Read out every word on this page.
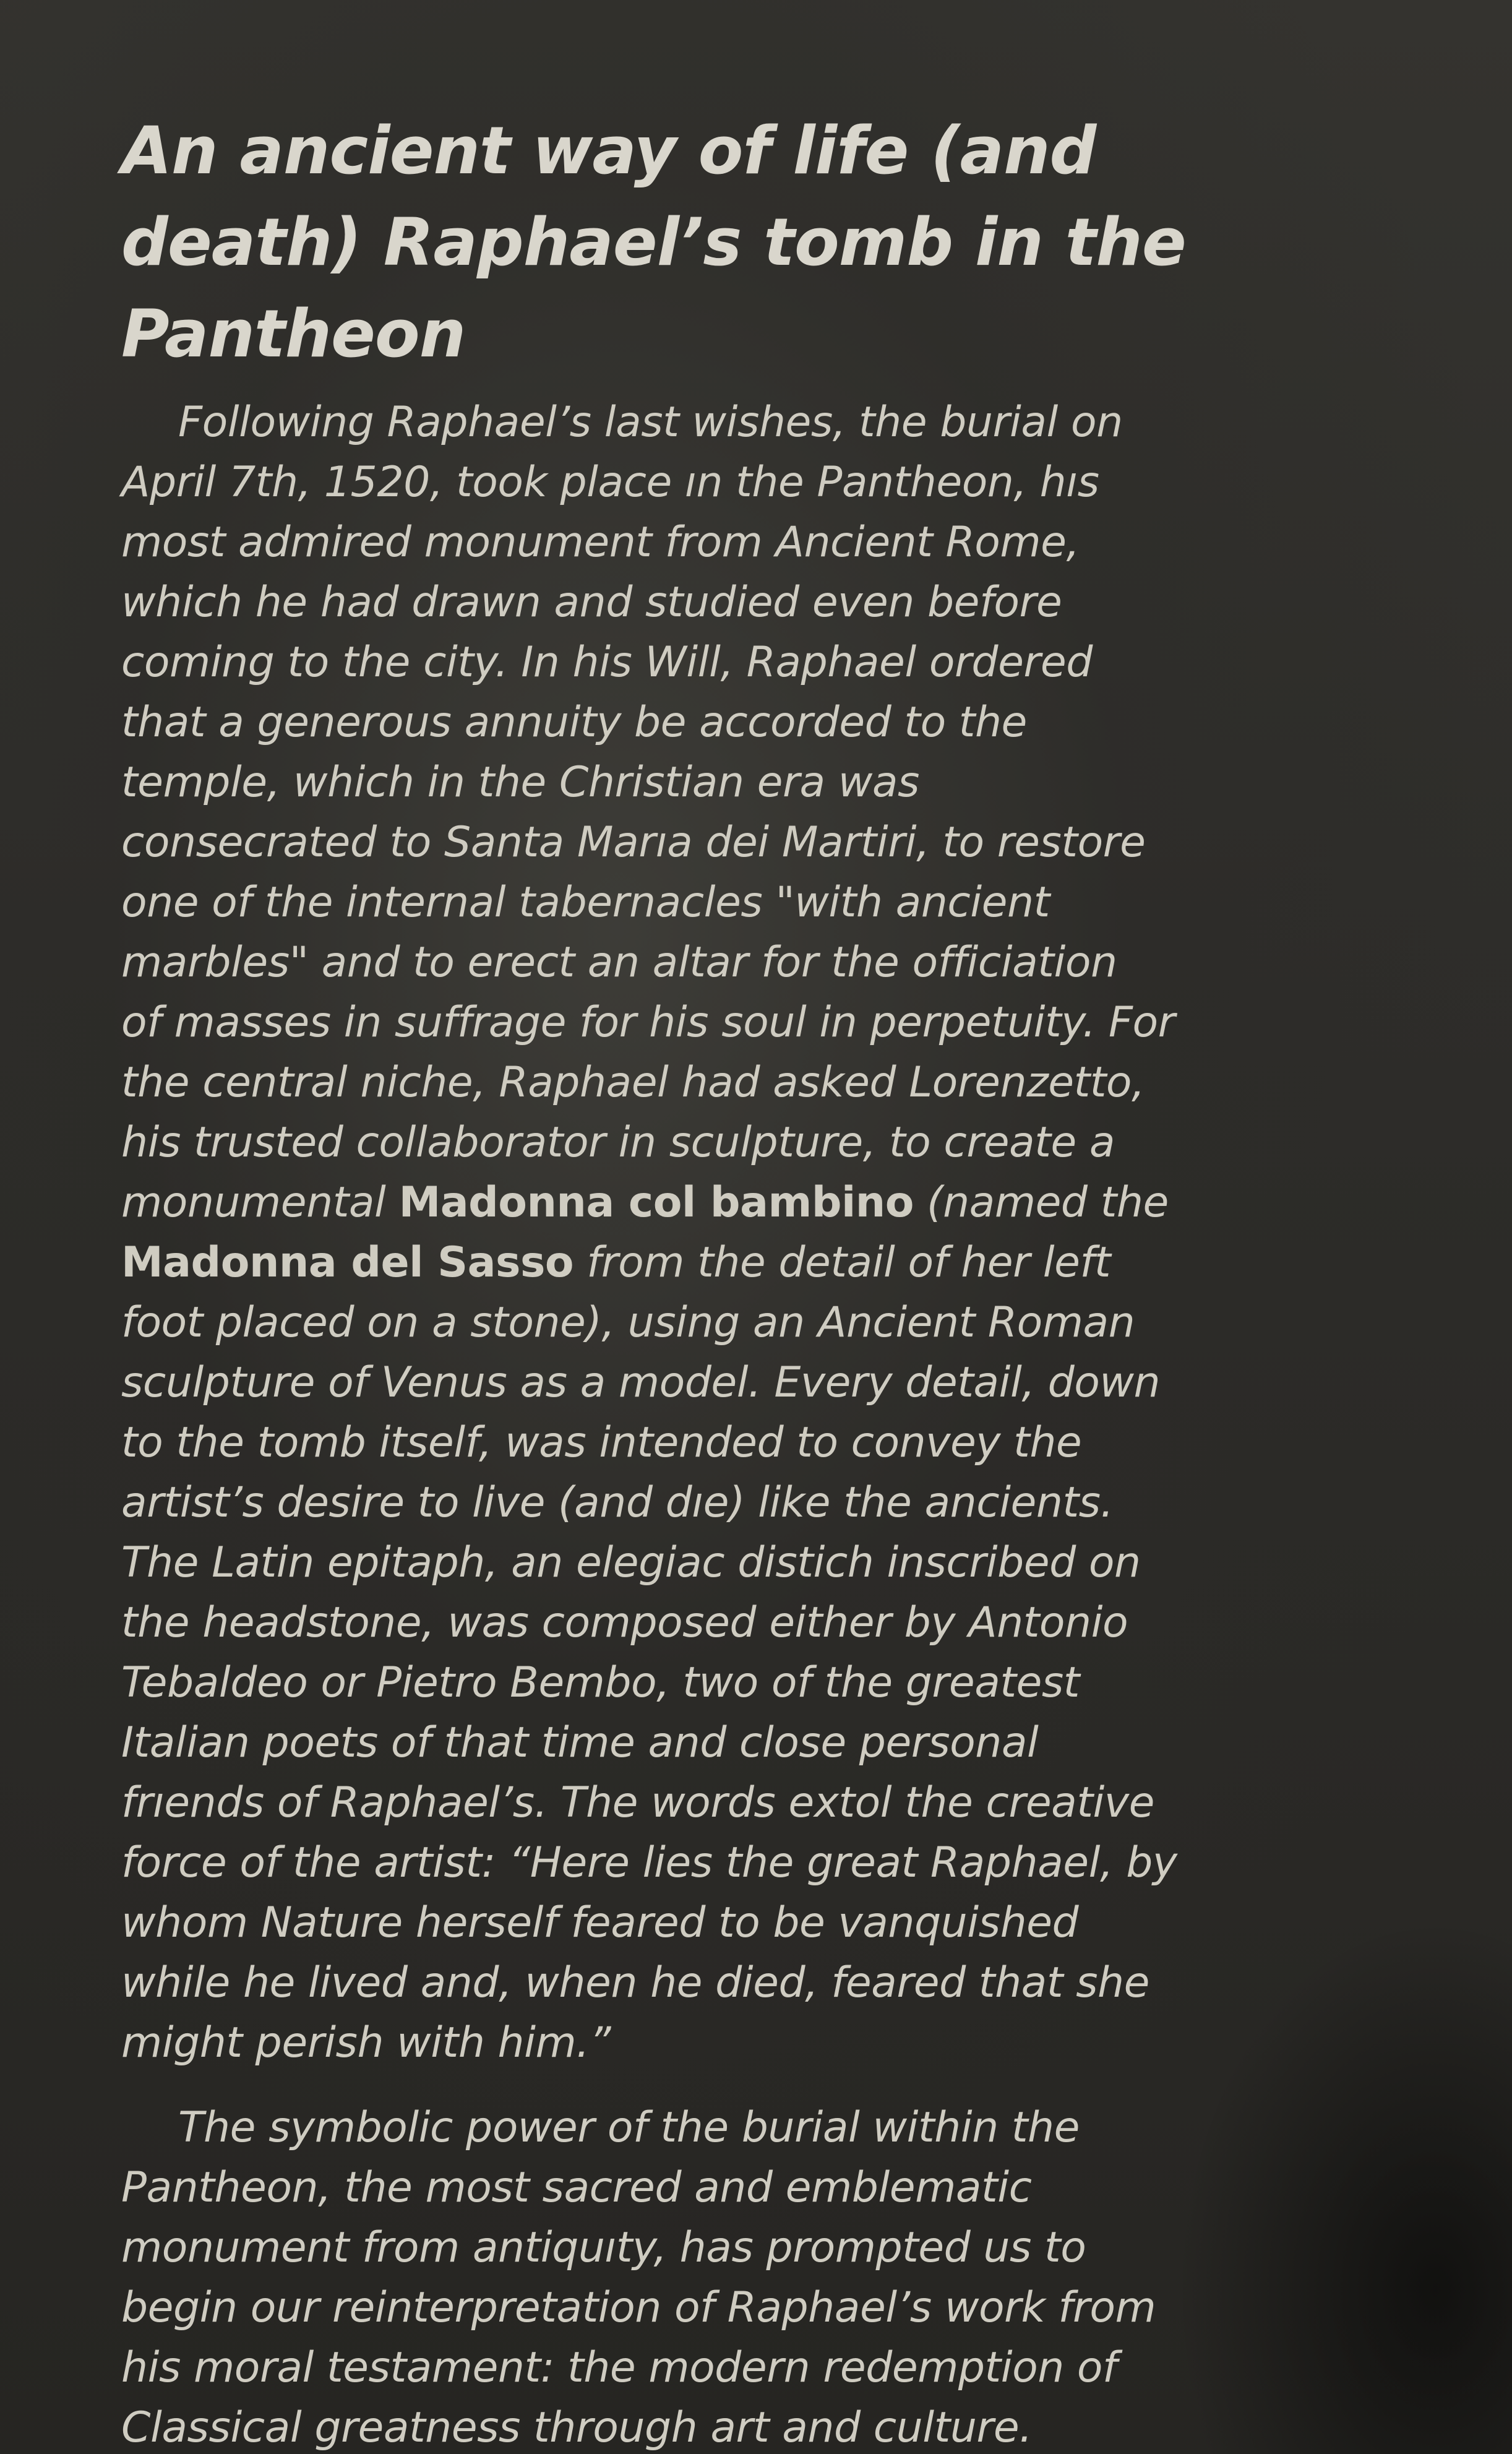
An ancient way of life (and
death) Raphael’s tomb in the
Pantheon
Following Raphael’s last wishes, the burial on
April 7th, 1520, took place ın the Pantheon, hıs
most admired monument from Ancient Rome,
which he had drawn and studied even before
coming to the city. In his Will, Raphael ordered
that a generous annuity be accorded to the
temple, which in the Christian era was
consecrated to Santa Marıa dei Martiri, to restore
one of the internal tabernacles "with ancient
marbles" and to erect an altar for the officiation
of masses in suffrage for his soul in perpetuity. For
the central niche, Raphael had asked Lorenzetto,
his trusted collaborator in sculpture, to create a
monumental Madonna col bambino (named the
Madonna del Sasso from the detail of her left
foot placed on a stone), using an Ancient Roman
sculpture of Venus as a model. Every detail, down
to the tomb itself, was intended to convey the
artist’s desire to live (and dıe) like the ancients.
The Latin epitaph, an elegiac distich inscribed on
the headstone, was composed either by Antonio
Tebaldeo or Pietro Bembo, two of the greatest
Italian poets of that time and close personal
frıends of Raphael’s. The words extol the creative
force of the artist: “Here lies the great Raphael, by
whom Nature herself feared to be vanquished
while he lived and, when he died, feared that she
might perish with him.”
The symbolic power of the burial within the
Pantheon, the most sacred and emblematic
monument from antiquıty, has prompted us to
begin our reinterpretation of Raphael’s work from
his moral testament: the modern redemption of
Classical greatness through art and culture.
